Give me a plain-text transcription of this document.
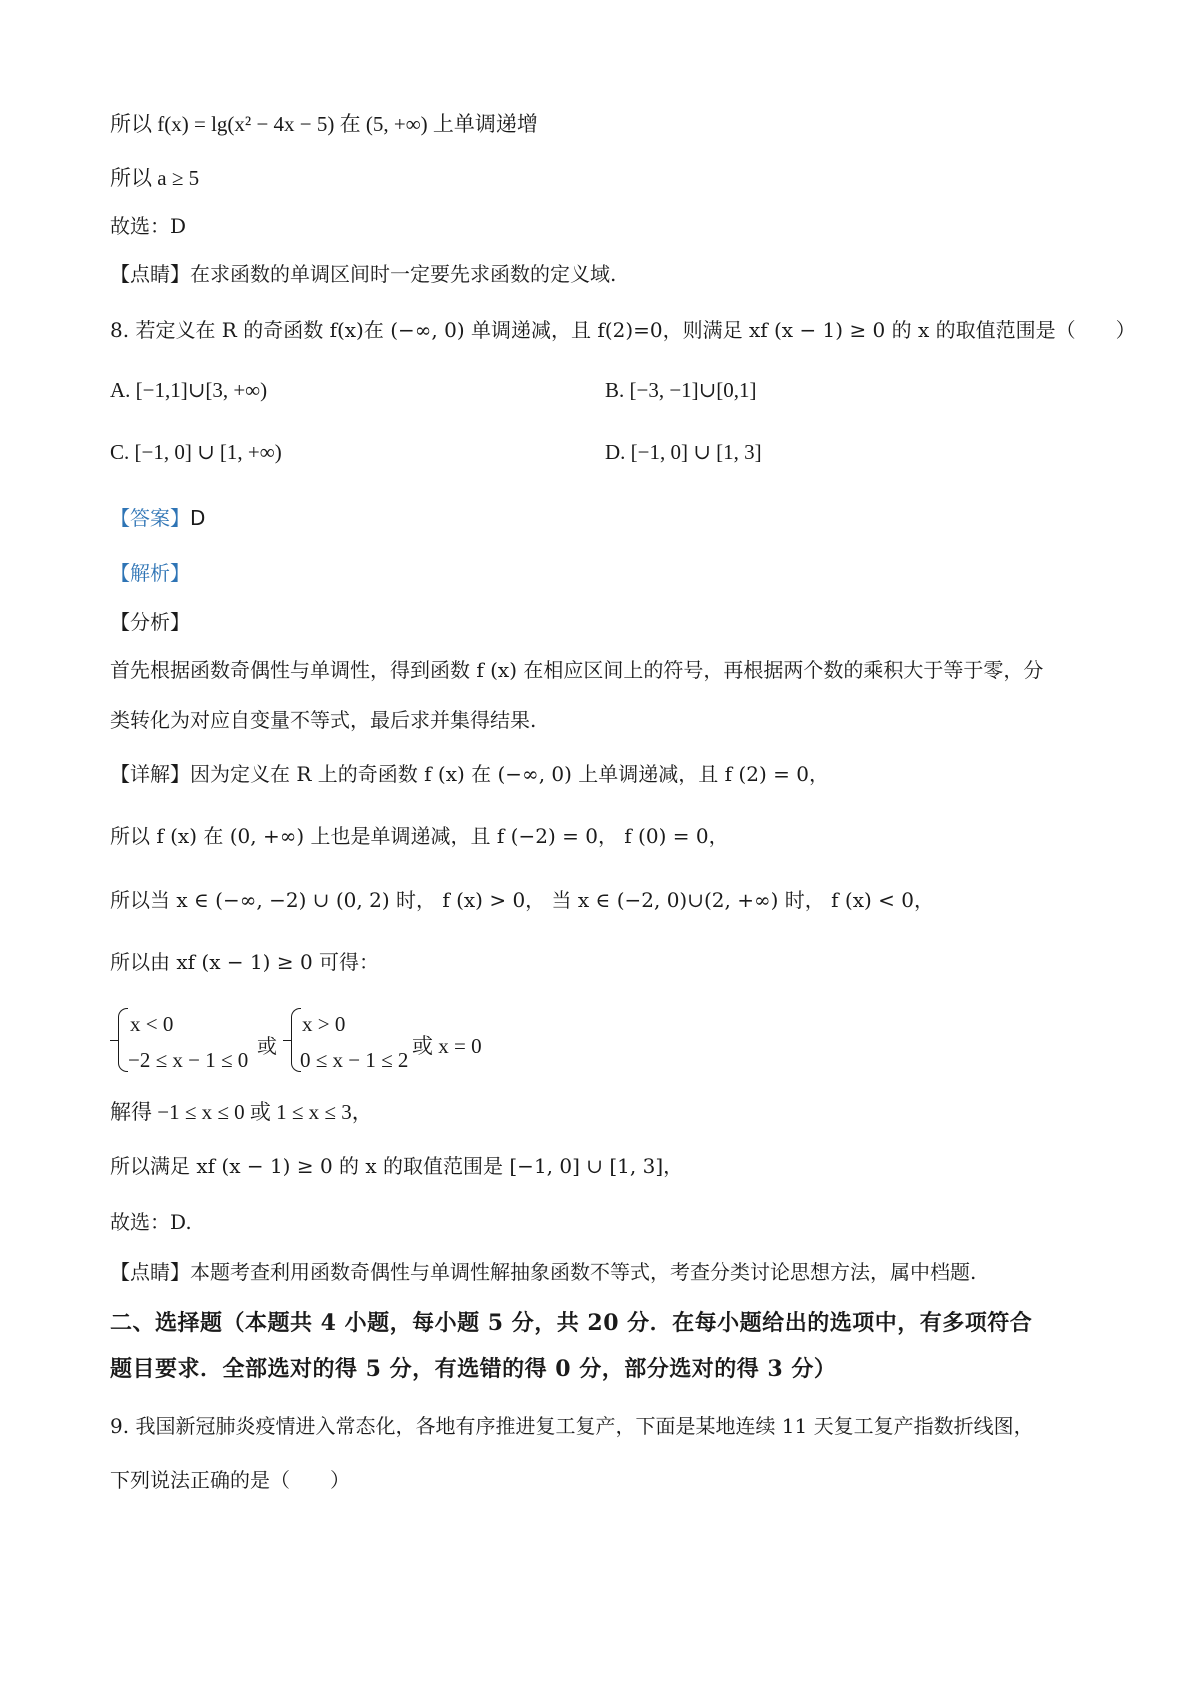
所以 f(x) = lg(x² − 4x − 5) 在 (5, +∞) 上单调递增
所以 a ≥ 5
故选：D
【点睛】在求函数的单调区间时一定要先求函数的定义域.
8. 若定义在 R 的奇函数 f(x)在 (−∞, 0) 单调递减，且 f(2)=0，则满足 xf (x − 1) ≥ 0 的 x 的取值范围是（　　）
A. [−1,1]∪[3, +∞)	B. [−3, −1]∪[0,1]
C. [−1, 0] ∪ [1, +∞)	D. [−1, 0] ∪ [1, 3]
【答案】D
【解析】
【分析】
首先根据函数奇偶性与单调性，得到函数 f (x) 在相应区间上的符号，再根据两个数的乘积大于等于零，分
类转化为对应自变量不等式，最后求并集得结果.
【详解】因为定义在 R 上的奇函数 f (x) 在 (−∞, 0) 上单调递减，且 f (2) = 0，
所以 f (x) 在 (0, +∞) 上也是单调递减，且 f (−2) = 0， f (0) = 0，
所以当 x ∈ (−∞, −2) ∪ (0, 2) 时， f (x) > 0， 当 x ∈ (−2, 0)∪(2, +∞) 时， f (x) < 0，
所以由 xf (x − 1) ≥ 0 可得：
x < 0
−2 ≤ x − 1 ≤ 0
或
x > 0
0 ≤ x − 1 ≤ 2
或 x = 0
解得 −1 ≤ x ≤ 0 或 1 ≤ x ≤ 3，
所以满足 xf (x − 1) ≥ 0 的 x 的取值范围是 [−1, 0] ∪ [1, 3]，
故选：D.
【点睛】本题考查利用函数奇偶性与单调性解抽象函数不等式，考查分类讨论思想方法，属中档题.
二、选择题（本题共 4 小题，每小题 5 分，共 20 分．在每小题给出的选项中，有多项符合
题目要求．全部选对的得 5 分，有选错的得 0 分，部分选对的得 3 分）
9. 我国新冠肺炎疫情进入常态化，各地有序推进复工复产，下面是某地连续 11 天复工复产指数折线图，
下列说法正确的是（　　）
